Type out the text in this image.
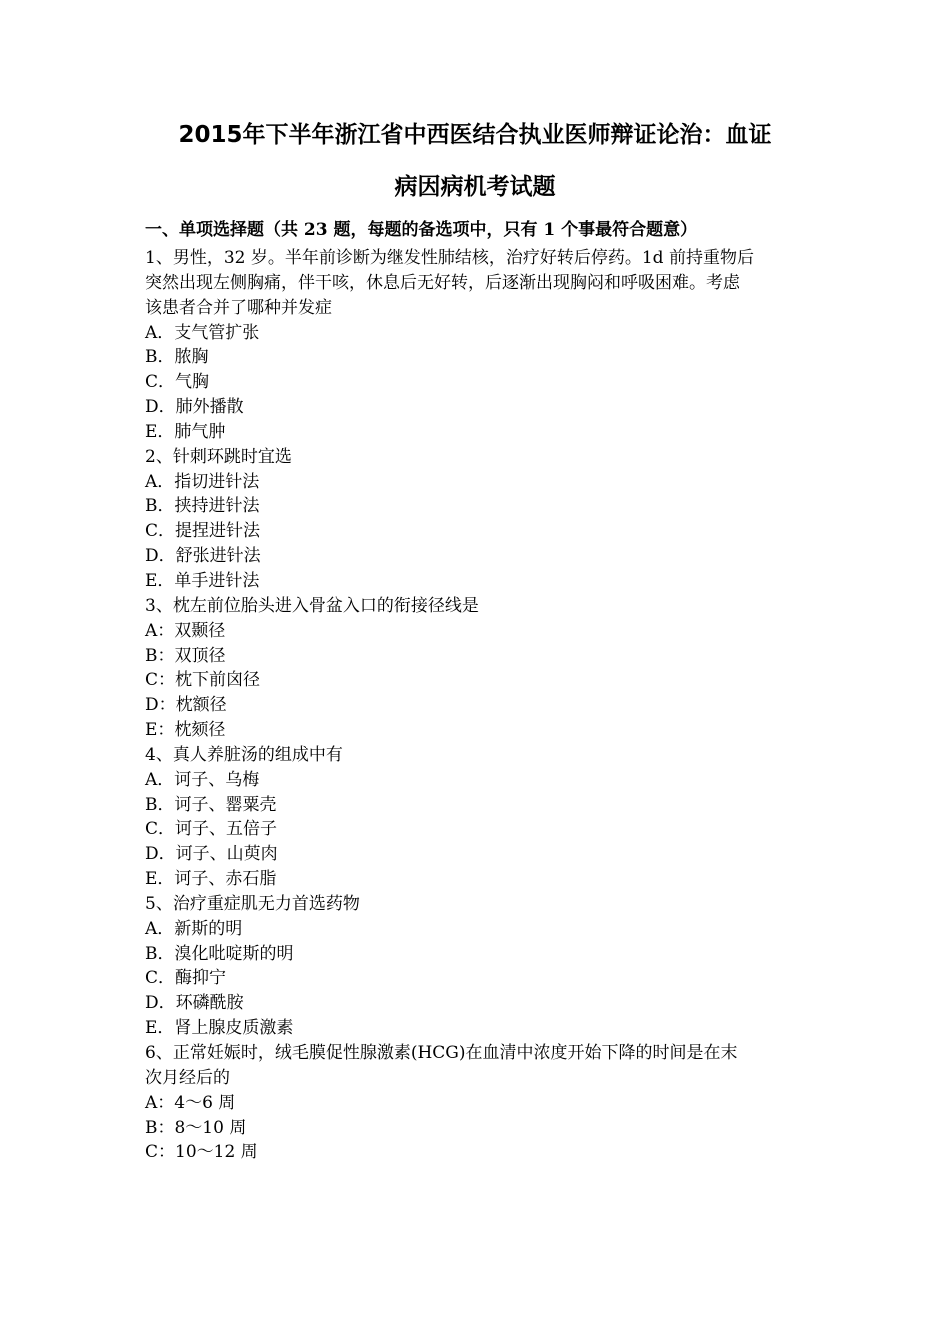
2015年下半年浙江省中西医结合执业医师辩证论治：血证
病因病机考试题

一、单项选择题（共 23 题，每题的备选项中，只有 1 个事最符合题意）

1、男性，32 岁。半年前诊断为继发性肺结核，治疗好转后停药。1d 前持重物后

突然出现左侧胸痛，伴干咳，休息后无好转，后逐渐出现胸闷和呼吸困难。考虑

该患者合并了哪种并发症

A．支气管扩张

B．脓胸

C．气胸

D．肺外播散

E．肺气肿

2、针刺环跳时宜选

A．指切进针法

B．挟持进针法

C．提捏进针法

D．舒张进针法

E．单手进针法

3、枕左前位胎头进入骨盆入口的衔接径线是

A：双颞径

B：双顶径

C：枕下前囟径

D：枕额径

E：枕颏径

4、真人养脏汤的组成中有

A．诃子、乌梅

B．诃子、罂粟壳

C．诃子、五倍子

D．诃子、山萸肉

E．诃子、赤石脂

5、治疗重症肌无力首选药物

A．新斯的明

B．溴化吡啶斯的明

C．酶抑宁

D．环磷酰胺

E．肾上腺皮质激素

6、正常妊娠时，绒毛膜促性腺激素(HCG)在血清中浓度开始下降的时间是在末

次月经后的

A：4～6 周

B：8～10 周

C：10～12 周
